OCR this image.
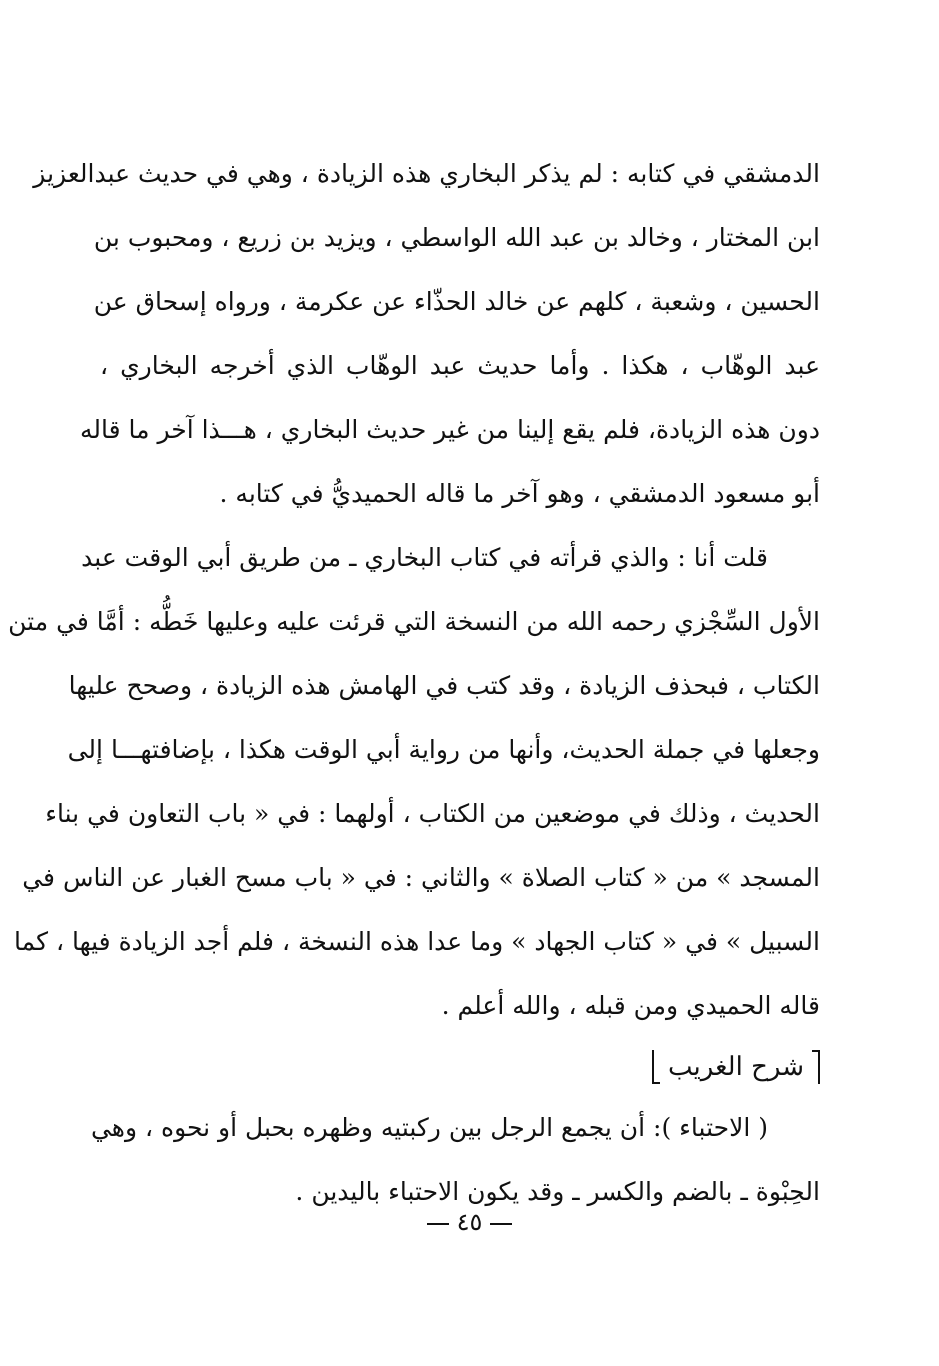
الدمشقي في كتابه : لم يذكر البخاري هذه الزيادة ، وهي في حديث عبدالعزيز
ابن المختار ، وخالد بن عبد الله الواسطي ، ويزيد بن زريع ، ومحبوب بن
الحسين ، وشعبة ، كلهم عن خالد الحذّاء عن عكرمة ، ورواه إسحاق عن
عبد الوهّاب ، هكذا . وأما حديث عبد الوهّاب الذي أخرجه البخاري ،
دون هذه الزيادة، فلم يقع إلينا من غير حديث البخاري ، هـــذا آخر ما قاله
أبو مسعود الدمشقي ، وهو آخر ما قاله الحميديُّ في كتابه .
قلت أنا : والذي قرأته في كتاب البخاري ـ من طريق أبي الوقت عبد
الأول السِّجْزي رحمه الله من النسخة التي قرئت عليه وعليها خَطُّه : أمَّا في متن
الكتاب ، فبحذف الزيادة ، وقد كتب في الهامش هذه الزيادة ، وصحح عليها
وجعلها في جملة الحديث، وأنها من رواية أبي الوقت هكذا ، بإضافتهـــا إلى
الحديث ، وذلك في موضعين من الكتاب ، أولهما : في « باب التعاون في بناء
المسجد » من « كتاب الصلاة » والثاني : في « باب مسح الغبار عن الناس في
السبيل » في « كتاب الجهاد » وما عدا هذه النسخة ، فلم أجد الزيادة فيها ، كما
قاله الحميدي ومن قبله ، والله أعلم .
شرح الغريب
( الاحتباء ): أن يجمع الرجل بين ركبتيه وظهره بحبل أو نحوه ، وهي
الحِبْوة ـ بالضم والكسر ـ وقد يكون الاحتباء باليدين .
٤٥
